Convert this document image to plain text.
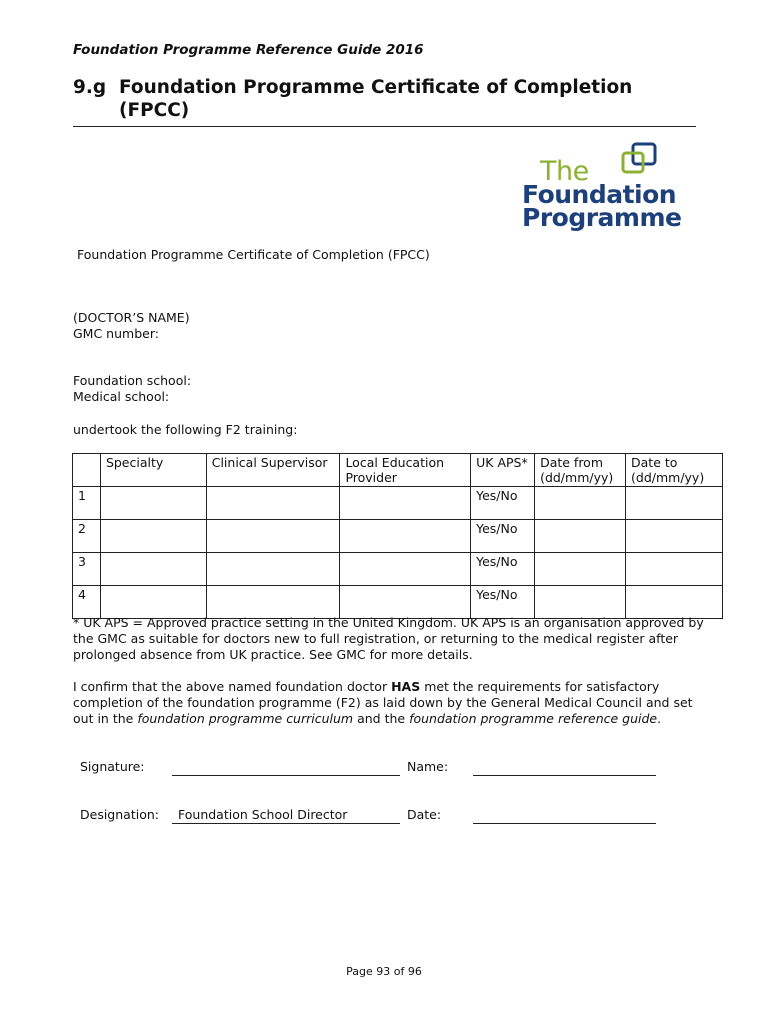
Foundation Programme Reference Guide 2016
9.g Foundation Programme Certificate of Completion
(FPCC)
The
Foundation
Programme
Foundation Programme Certificate of Completion (FPCC)
(DOCTOR’S NAME)
GMC number:
Foundation school:
Medical school:
undertook the following F2 training:
	Specialty	Clinical Supervisor	Local Education Provider	UK APS*	Date from (dd/mm/yy)	Date to (dd/mm/yy)
1				Yes/No		
2				Yes/No		
3				Yes/No		
4				Yes/No		
* UK APS = Approved practice setting in the United Kingdom. UK APS is an organisation approved by the GMC as suitable for doctors new to full registration, or returning to the medical register after prolonged absence from UK practice. See GMC for more details.
I confirm that the above named foundation doctor HAS met the requirements for satisfactory completion of the foundation programme (F2) as laid down by the General Medical Council and set out in the foundation programme curriculum and the foundation programme reference guide.
Signature:	Name:
Designation:	Foundation School Director	Date:
Page 93 of 96
